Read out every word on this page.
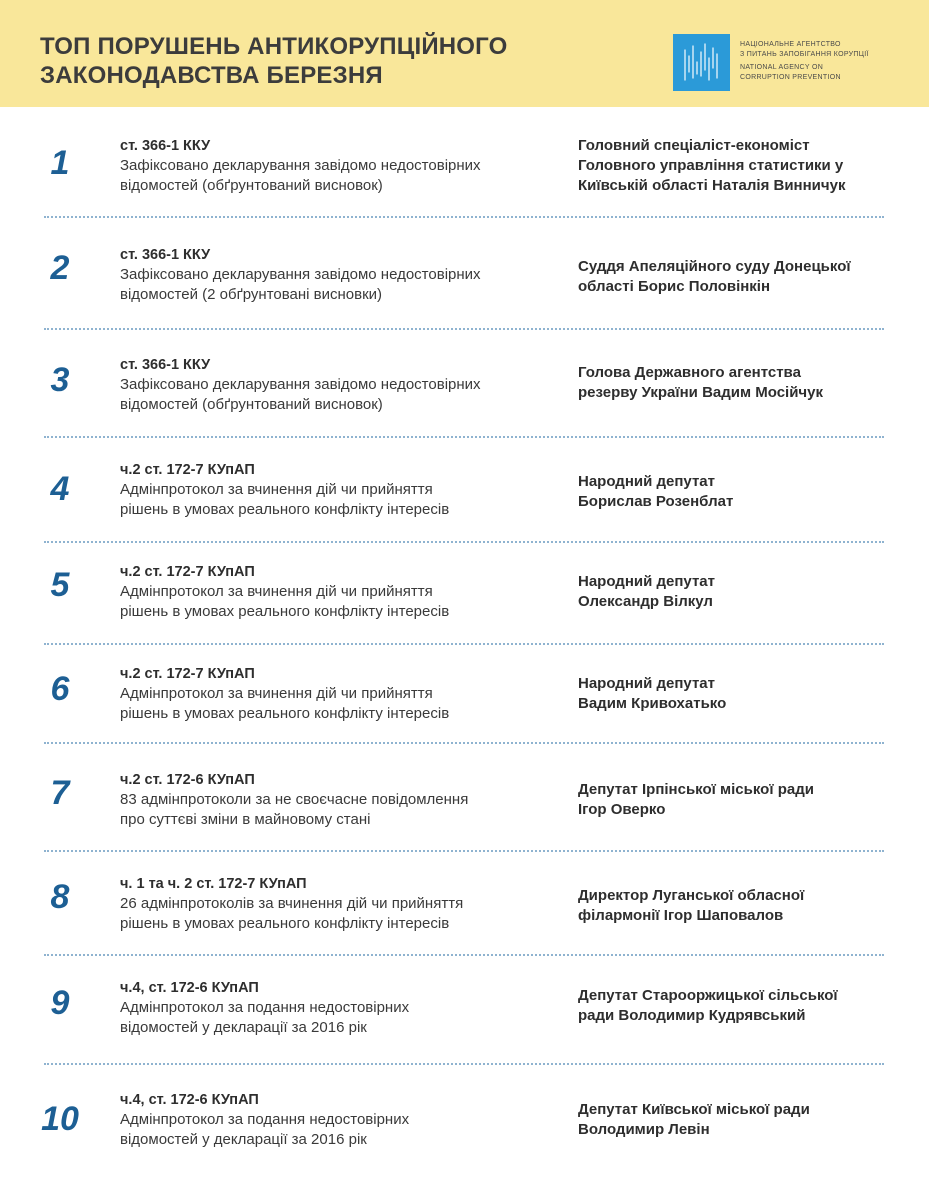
ТОП ПОРУШЕНЬ АНТИКОРУПЦІЙНОГО
ЗАКОНОДАВСТВА БЕРЕЗНЯ
НАЦІОНАЛЬНЕ АГЕНТСТВО
З ПИТАНЬ ЗАПОБІГАННЯ КОРУПЦІЇ
NATIONAL AGENCY ON
CORRUPTION PREVENTION
1	ст. 366-1 ККУ
Зафіксовано декларування завідомо недостовірних
відомостей (обґрунтований висновок)
Головний спеціаліст-економіст
Головного управління статистики у
Київській області Наталія Винничук
2	ст. 366-1 ККУ
Зафіксовано декларування завідомо недостовірних
відомостей (2 обґрунтовані висновки)
Суддя Апеляційного суду Донецької
області Борис Половінкін
3	ст. 366-1 ККУ
Зафіксовано декларування завідомо недостовірних
відомостей (обґрунтований висновок)
Голова Державного агентства
резерву України Вадим Мосійчук
4	ч.2 ст. 172-7 КУпАП
Адмінпротокол за вчинення дій чи прийняття
рішень в умовах реального конфлікту інтересів
Народний депутат
Борислав Розенблат
5	ч.2 ст. 172-7 КУпАП
Адмінпротокол за вчинення дій чи прийняття
рішень в умовах реального конфлікту інтересів
Народний депутат
Олександр Вілкул
6	ч.2 ст. 172-7 КУпАП
Адмінпротокол за вчинення дій чи прийняття
рішень в умовах реального конфлікту інтересів
Народний депутат
Вадим Кривохатько
7	ч.2 ст. 172-6 КУпАП
83 адмінпротоколи за не своєчасне повідомлення
про суттєві зміни в майновому стані
Депутат Ірпінської міської ради
Ігор Оверко
8	ч. 1 та ч. 2 ст. 172-7 КУпАП
26 адмінпротоколів за вчинення дій чи прийняття
рішень в умовах реального конфлікту інтересів
Директор Луганської обласної
філармонії Ігор Шаповалов
9	ч.4, ст. 172-6 КУпАП
Адмінпротокол за подання недостовірних
відомостей у декларації за 2016 рік
Депутат Старооржицької сільської
ради Володимир Кудрявський
10	ч.4, ст. 172-6 КУпАП
Адмінпротокол за подання недостовірних
відомостей у декларації за 2016 рік
Депутат Київської міської ради
Володимир Левін
